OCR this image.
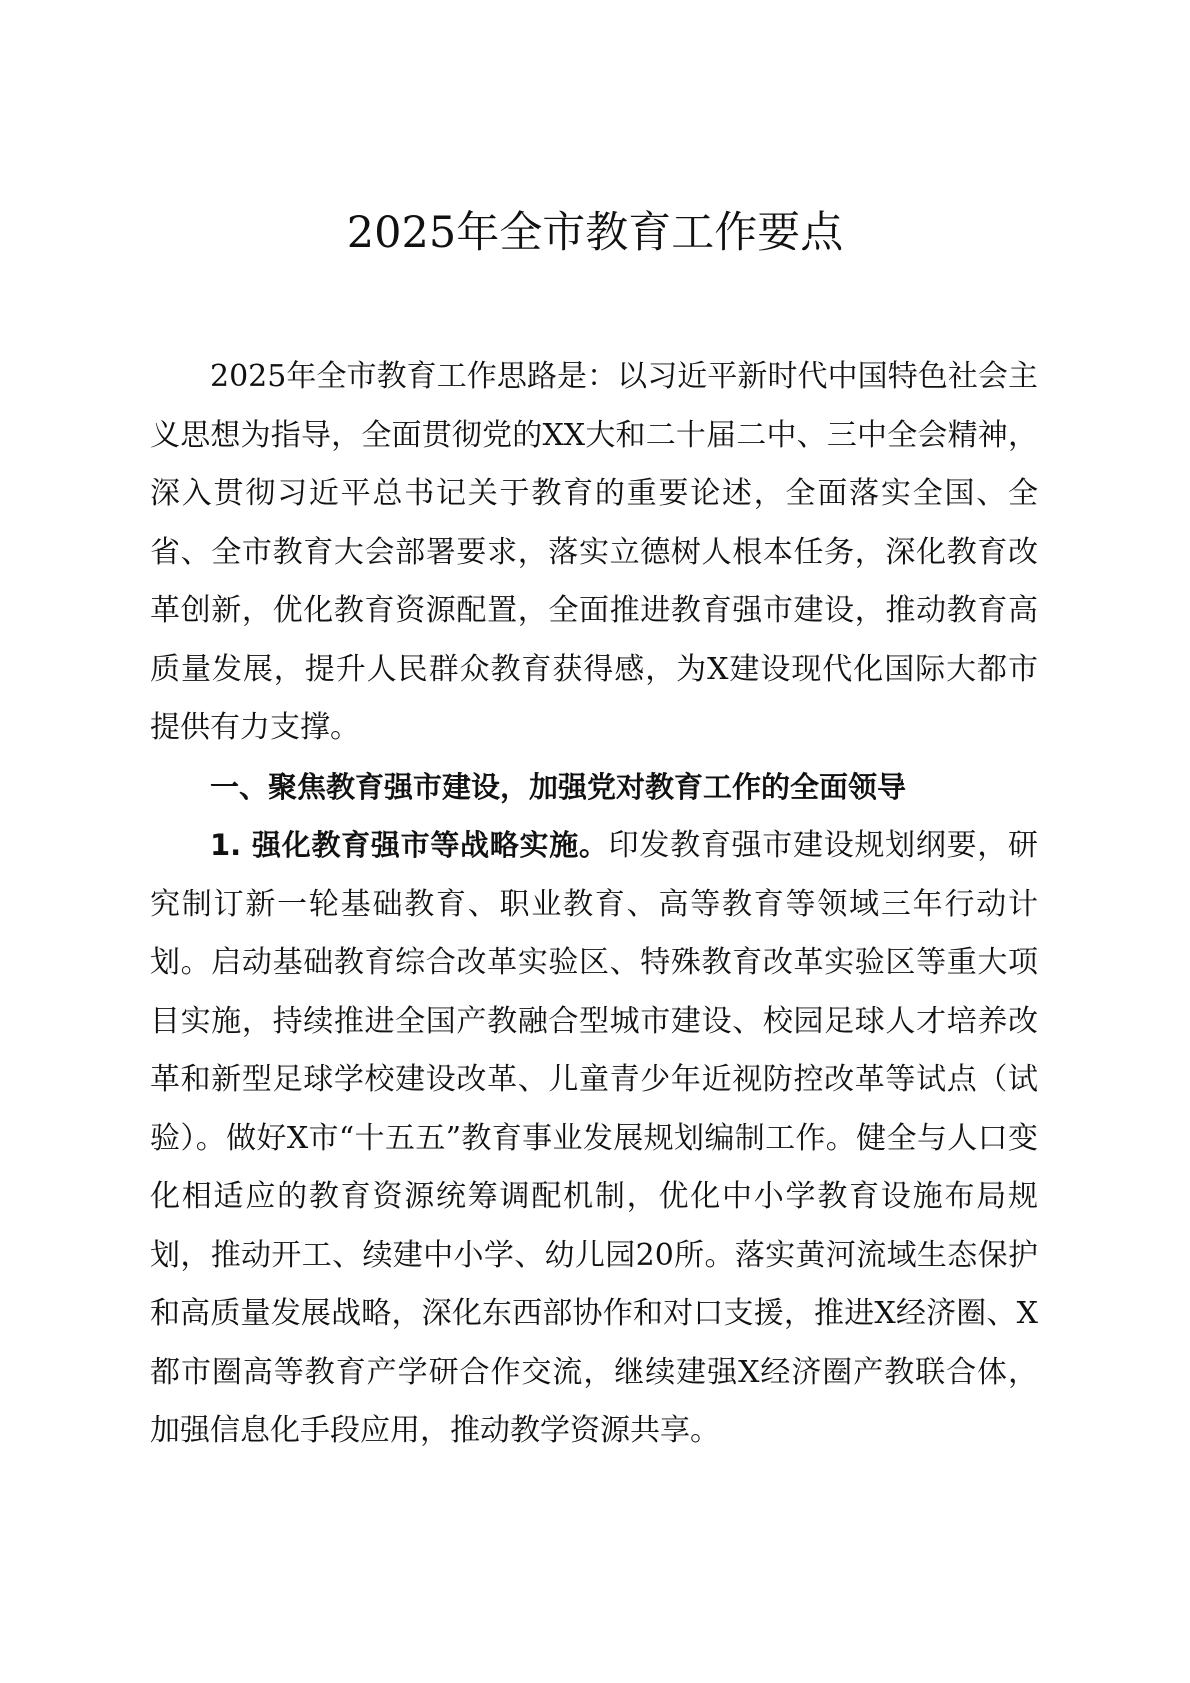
2025年全市教育工作要点

2025年全市教育工作思路是：以习近平新时代中国特色社会主义思想为指导，全面贯彻党的XX大和二十届二中、三中全会精神，深入贯彻习近平总书记关于教育的重要论述，全面落实全国、全省、全市教育大会部署要求，落实立德树人根本任务，深化教育改革创新，优化教育资源配置，全面推进教育强市建设，推动教育高质量发展，提升人民群众教育获得感，为X建设现代化国际大都市提供有力支撑。

一、聚焦教育强市建设，加强党对教育工作的全面领导

1. 强化教育强市等战略实施。印发教育强市建设规划纲要，研究制订新一轮基础教育、职业教育、高等教育等领域三年行动计划。启动基础教育综合改革实验区、特殊教育改革实验区等重大项目实施，持续推进全国产教融合型城市建设、校园足球人才培养改革和新型足球学校建设改革、儿童青少年近视防控改革等试点（试验）。做好X市“十五五”教育事业发展规划编制工作。健全与人口变化相适应的教育资源统筹调配机制，优化中小学教育设施布局规划，推动开工、续建中小学、幼儿园20所。落实黄河流域生态保护和高质量发展战略，深化东西部协作和对口支援，推进X经济圈、X都市圈高等教育产学研合作交流，继续建强X经济圈产教联合体，加强信息化手段应用，推动教学资源共享。
